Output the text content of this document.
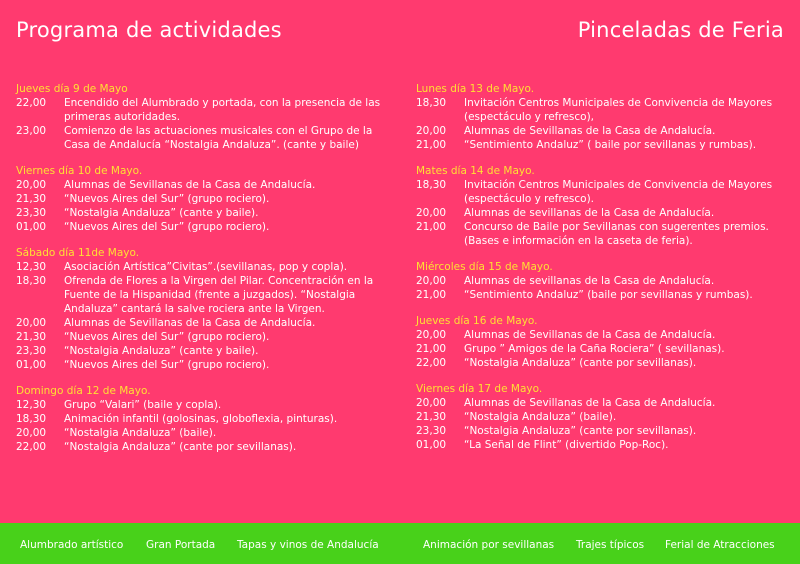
Programa de actividades	Pinceladas de Feria

Jueves día 9 de Mayo

22,00	Encendido del Alumbrado y portada, con la presencia de las primeras autoridades.
23,00	Comienzo de las actuaciones musicales con el Grupo de la Casa de Andalucía “Nostalgia Andaluza”. (cante y baile)

Viernes día 10 de Mayo.

20,00	Alumnas de Sevillanas de la Casa de Andalucía.
21,30	“Nuevos Aires del Sur” (grupo rociero).
23,30	“Nostalgia Andaluza” (cante y baile).
01,00	“Nuevos Aires del Sur” (grupo rociero).

Sábado día 11de Mayo.

12,30	Asociación Artística”Civitas”.(sevillanas, pop y copla).
18,30	Ofrenda de Flores a la Virgen del Pilar. Concentración en la Fuente de la Hispanidad (frente a juzgados). “Nostalgia Andaluza” cantará la salve rociera ante la Virgen.
20,00	Alumnas de Sevillanas de la Casa de Andalucía.
21,30	“Nuevos Aires del Sur” (grupo rociero).
23,30	“Nostalgia Andaluza” (cante y baile).
01,00	“Nuevos Aires del Sur” (grupo rociero).

Domingo día 12 de Mayo.

12,30	Grupo “Valari” (baile y copla).
18,30	Animación infantil (golosinas, globoflexia, pinturas).
20,00	“Nostalgia Andaluza” (baile).
22,00	“Nostalgia Andaluza” (cante por sevillanas).

Lunes día 13 de Mayo.

18,30	Invitación Centros Municipales de Convivencia de Mayores (espectáculo y refresco),
20,00	Alumnas de Sevillanas de la Casa de Andalucía.
21,00	“Sentimiento Andaluz” ( baile por sevillanas y rumbas).

Mates día 14 de Mayo.

18,30	Invitación Centros Municipales de Convivencia de Mayores (espectáculo y refresco).
20,00	Alumnas de sevillanas de la Casa de Andalucía.
21,00	Concurso de Baile por Sevillanas con sugerentes premios. (Bases e información en la caseta de feria).

Miércoles día 15 de Mayo.

20,00	Alumnas de sevillanas de la Casa de Andalucía.
21,00	“Sentimiento Andaluz” (baile por sevillanas y rumbas).

Jueves día 16 de Mayo.

20,00	Alumnas de Sevillanas de la Casa de Andalucía.
21,00	Grupo ” Amigos de la Caña Rociera” ( sevillanas).
22,00	“Nostalgia Andaluza” (cante por sevillanas).

Viernes día 17 de Mayo.

20,00	Alumnas de Sevillanas de la Casa de Andalucía.
21,30	“Nostalgia Andaluza” (baile).
23,30	“Nostalgia Andaluza” (cante por sevillanas).
01,00	“La Señal de Flint” (divertido Pop-Roc).
Alumbrado artístico Gran Portada Tapas y vinos de Andalucía	Animación por sevillanas Trajes típicos Ferial de Atracciones
